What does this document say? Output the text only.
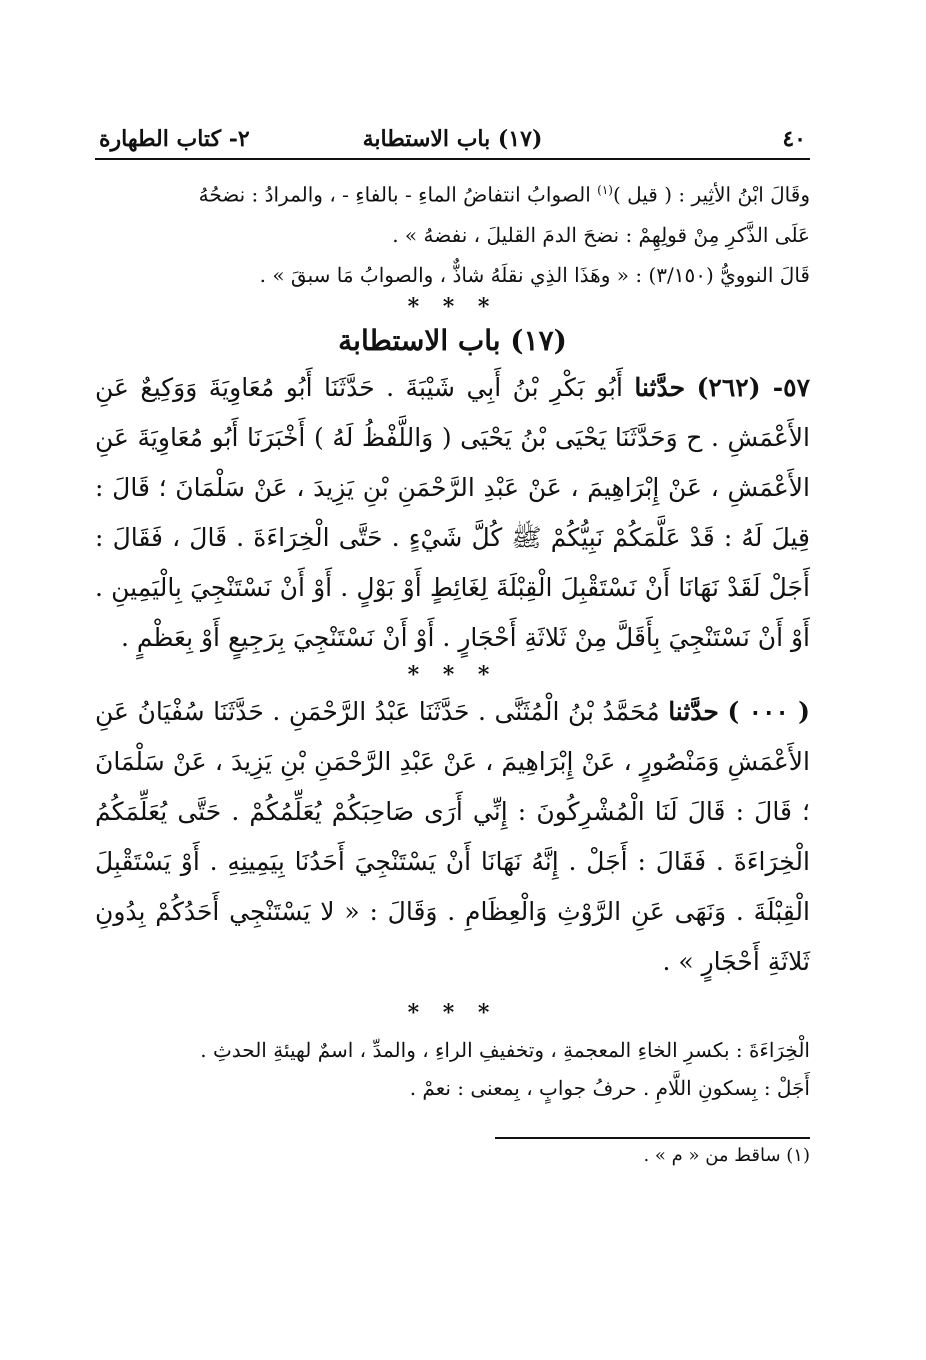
٤٠
(١٧) باب الاستطابة
٢- كتاب الطهارة

وقَالَ ابْنُ الأثِير : ( قيل )$^{(١)}$ الصوابُ انتفاضُ الماءِ - بالفاءِ - ، والمرادُ : نضحُهُ

عَلَى الذَّكرِ مِنْ قولِهِمْ : نضحَ الدمَ القليلَ ، نفضهُ » .

قَالَ النوويُّ (٣/١٥٠) : « وهَذَا الذِي نقلَهُ شاذٌّ ، والصوابُ مَا سبقَ » .

* * *

(١٧) باب الاستطابة

٥٧- (٢٦٢) حدَّثنا أَبُو بَكْرِ بْنُ أَبِي شَيْبَةَ . حَدَّثَنَا أَبُو مُعَاوِيَةَ وَوَكِيعٌ عَنِ الأَعْمَشِ . ح وَحَدَّثَنَا يَحْيَى بْنُ يَحْيَى ( وَاللَّفْظُ لَهُ ) أَخْبَرَنَا أَبُو مُعَاوِيَةَ عَنِ الأَعْمَشِ ، عَنْ إِبْرَاهِيمَ ، عَنْ عَبْدِ الرَّحْمَنِ بْنِ يَزِيدَ ، عَنْ سَلْمَانَ ؛ قَالَ : قِيلَ لَهُ : قَدْ عَلَّمَكُمْ نَبِيُّكُمْ ﷺ كُلَّ شَيْءٍ . حَتَّى الْخِرَاءَةَ . قَالَ ، فَقَالَ : أَجَلْ لَقَدْ نَهَانَا أَنْ نَسْتَقْبِلَ الْقِبْلَةَ لِغَائِطٍ أَوْ بَوْلٍ . أَوْ أَنْ نَسْتَنْجِيَ بِالْيَمِينِ . أَوْ أَنْ نَسْتَنْجِيَ بِأَقَلَّ مِنْ ثَلاثَةِ أَحْجَارٍ . أَوْ أَنْ نَسْتَنْجِيَ بِرَجِيعٍ أَوْ بِعَظْمٍ .

* * *

( ٠٠٠ ) حدَّثنا مُحَمَّدُ بْنُ الْمُثَنَّى . حَدَّثَنَا عَبْدُ الرَّحْمَنِ . حَدَّثَنَا سُفْيَانُ عَنِ الأَعْمَشِ وَمَنْصُورٍ ، عَنْ إِبْرَاهِيمَ ، عَنْ عَبْدِ الرَّحْمَنِ بْنِ يَزِيدَ ، عَنْ سَلْمَانَ ؛ قَالَ : قَالَ لَنَا الْمُشْرِكُونَ : إِنِّي أَرَى صَاحِبَكُمْ يُعَلِّمُكُمْ . حَتَّى يُعَلِّمَكُمُ الْخِرَاءَةَ . فَقَالَ : أَجَلْ . إِنَّهُ نَهَانَا أَنْ يَسْتَنْجِيَ أَحَدُنَا بِيَمِينِهِ . أَوْ يَسْتَقْبِلَ الْقِبْلَةَ . وَنَهَى عَنِ الرَّوْثِ وَالْعِظَامِ . وَقَالَ : « لا يَسْتَنْجِي أَحَدُكُمْ بِدُونِ ثَلاثَةِ أَحْجَارٍ » .

* * *

الْخِرَاءَةَ : بكسرِ الخاءِ المعجمةِ ، وتخفيفِ الراءِ ، والمدِّ ، اسمٌ لهيئةِ الحدثِ .

أَجَلْ : بِسكونِ اللَّامِ . حرفُ جوابٍ ، بِمعنى : نعمْ .

(١) ساقط من « م » .
